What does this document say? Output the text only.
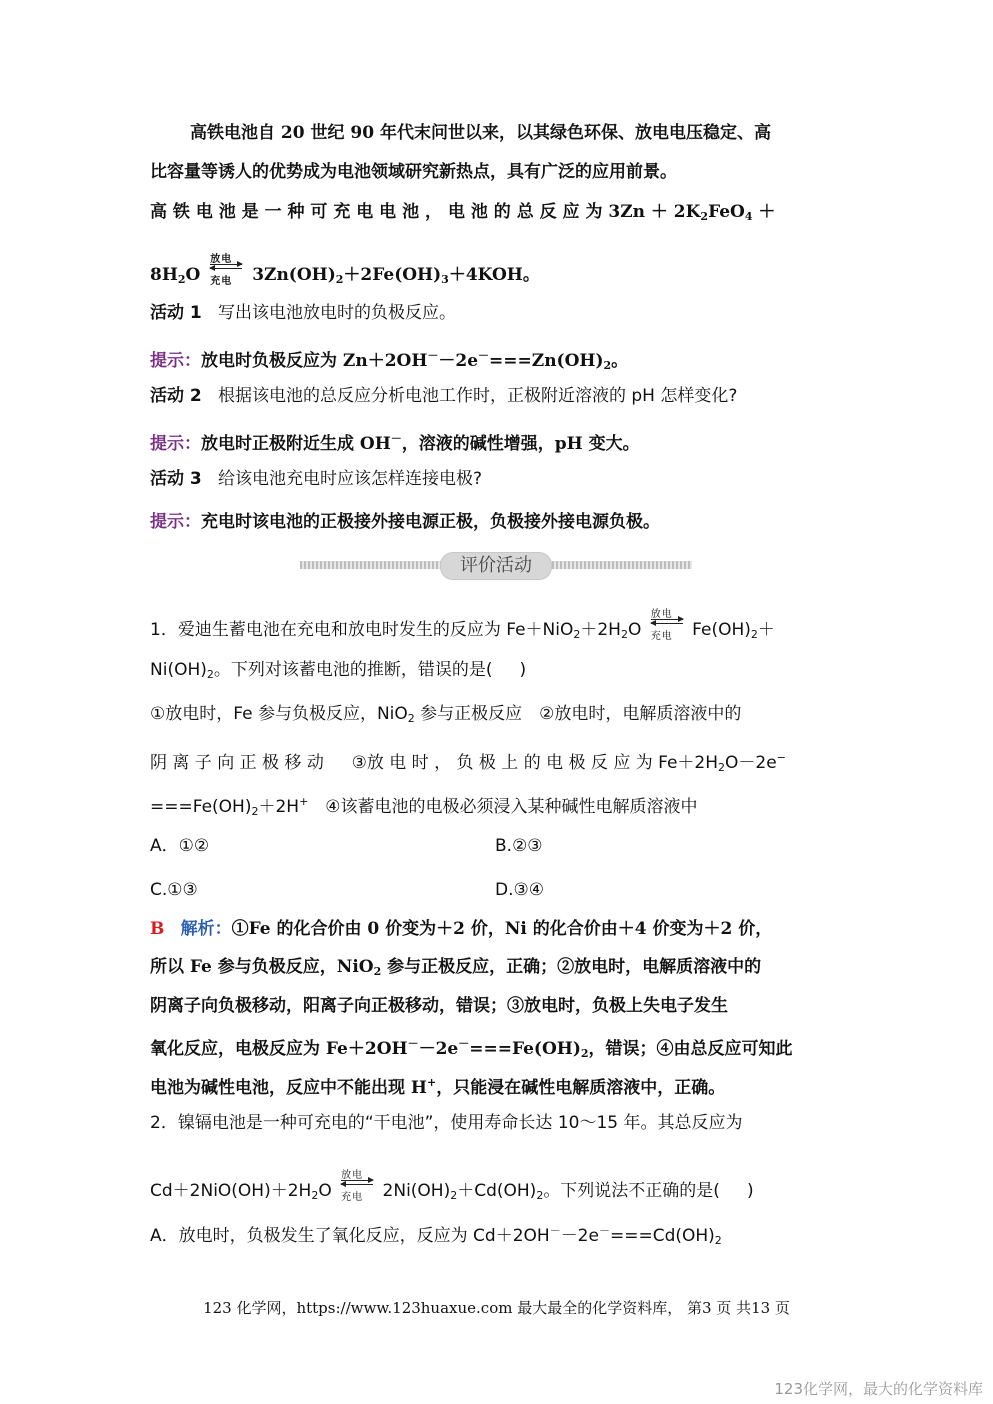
高铁电池自 20 世纪 90 年代末问世以来，以其绿色环保、放电电压稳定、高
比容量等诱人的优势成为电池领域研究新热点，具有广泛的应用前景。
高 铁 电 池 是 一 种 可 充 电 电 池 ， 电 池 的 总 反 应 为 $3Zn + 2K_2FeO_4$ ＋
$8H_2O$
放电
充电 $3Zn(OH)_2+2Fe(OH)_3+4KOH$。
活动 1 写出该电池放电时的负极反应。
提示：放电时负极反应为 $Zn+2OH^--2e^-===Zn(OH)_2$。
活动 2 根据该电池的总反应分析电池工作时，正极附近溶液的 pH 怎样变化?
提示：放电时正极附近生成 OH－，溶液的碱性增强，pH 变大。
活动 3 给该电池充电时应该怎样连接电极?
提示：充电时该电池的正极接外接电源正极，负极接外接电源负极。
评价活动
1．爱迪生蓄电池在充电和放电时发生的反应为 $Fe+NiO_2+2H_2O$
放电
充电 $Fe(OH)_2+$
$Ni(OH)_2$。下列对该蓄电池的推断，错误的是( )
①放电时，Fe 参与负极反应，NiO$_2$ 参与正极反应　②放电时，电解质溶液中的
阴 离 子 向 正 极 移 动 　 ③放 电 时 ， 负 极 上 的 电 极 反 应 为 $Fe+2H_2O-2e^-$
$===Fe(OH)_2+2H^+$　④该蓄电池的电极必须浸入某种碱性电解质溶液中
A．①②	B.②③
C.①③	D.③④
B 解析：①Fe 的化合价由 0 价变为＋2 价，Ni 的化合价由＋4 价变为＋2 价，
所以 Fe 参与负极反应，NiO$_2$ 参与正极反应，正确；②放电时，电解质溶液中的
阴离子向负极移动，阳离子向正极移动，错误；③放电时，负极上失电子发生
氧化反应，电极反应为 $Fe+2OH^--2e^-===Fe(OH)_2$，错误；④由总反应可知此
电池为碱性电池，反应中不能出现 H+，只能浸在碱性电解质溶液中，正确。
2．镍镉电池是一种可充电的“干电池”，使用寿命长达 10～15 年。其总反应为
$Cd+2NiO(OH)+2H_2O$
放电
充电 $2Ni(OH)_2+Cd(OH)_2$。下列说法不正确的是( )
A．放电时，负极发生了氧化反应，反应为 $Cd+2OH^--2e^-===Cd(OH)_2$
123 化学网，https://www.123huaxue.com 最大最全的化学资料库， 第3 页 共13 页
123化学网，最大的化学资料库
